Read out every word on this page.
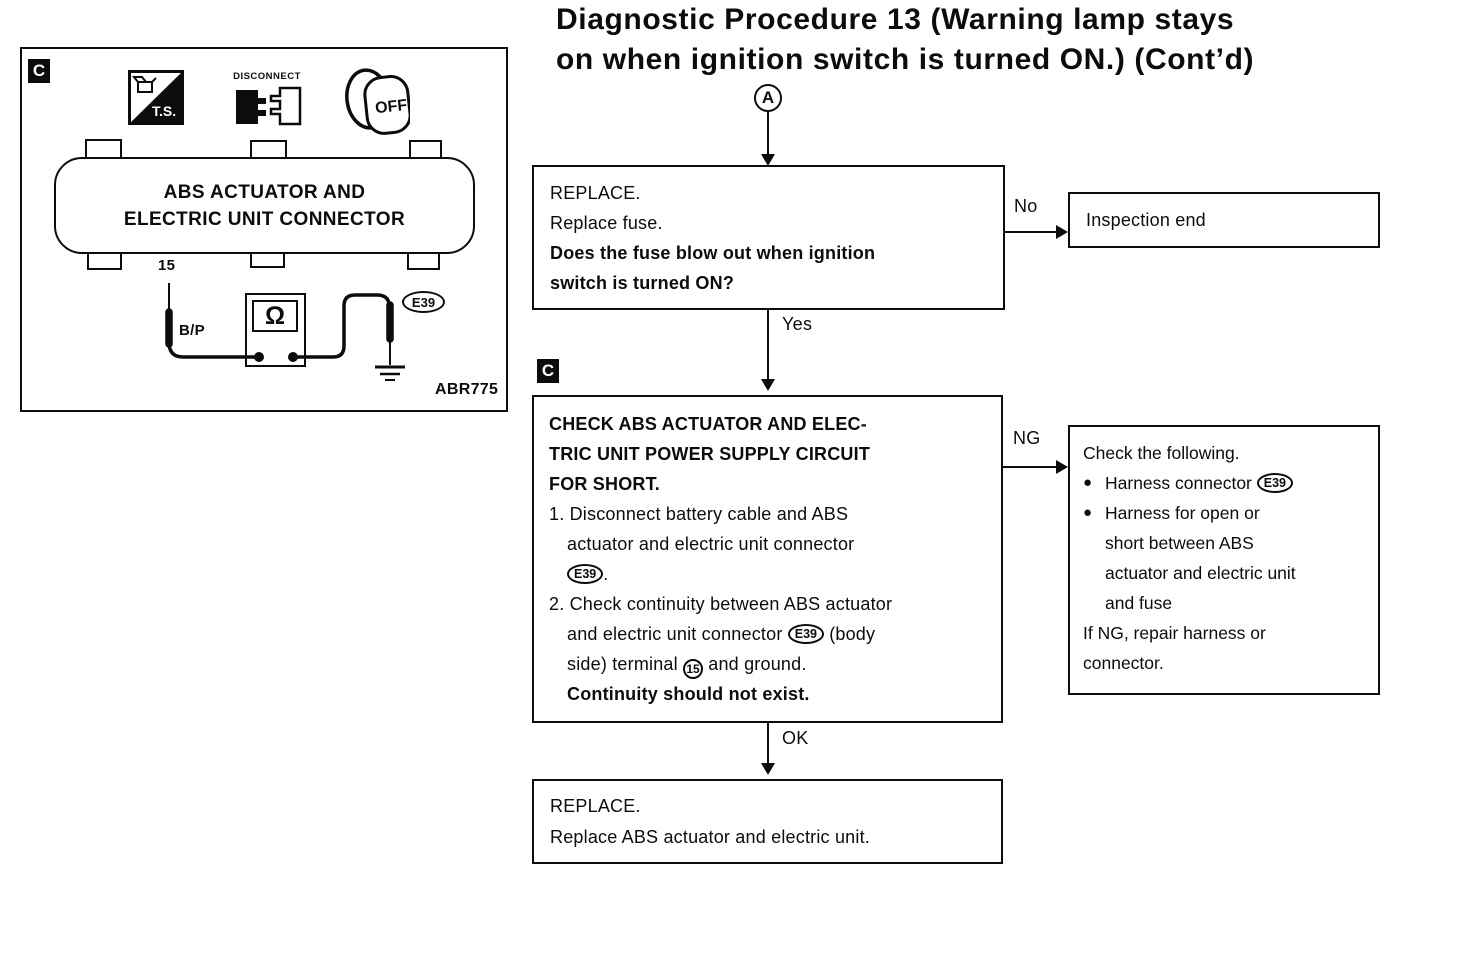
Diagnostic Procedure 13 (Warning lamp stays
on when ignition switch is turned ON.) (Cont’d)
C
T.S.
DISCONNECT
OFF
ABS ACTUATOR AND
ELECTRIC UNIT CONNECTOR
15
B/P
Ω	E39
ABR775
A
REPLACE.
Replace fuse.
Does the fuse blow out when ignition
switch is turned ON?
No
Inspection end
Yes
C
CHECK ABS ACTUATOR AND ELEC-
TRIC UNIT POWER SUPPLY CIRCUIT
FOR SHORT.
1. Disconnect battery cable and ABS
actuator and electric unit connector
E39 .
2. Check continuity between ABS actuator
and electric unit connector E39 (body
side) terminal 15 and ground.
Continuity should not exist.
NG
Check the following.
● Harness connector E39
● Harness for open or
short between ABS
actuator and electric unit
and fuse
If NG, repair harness or
connector.
OK
REPLACE.
Replace ABS actuator and electric unit.
